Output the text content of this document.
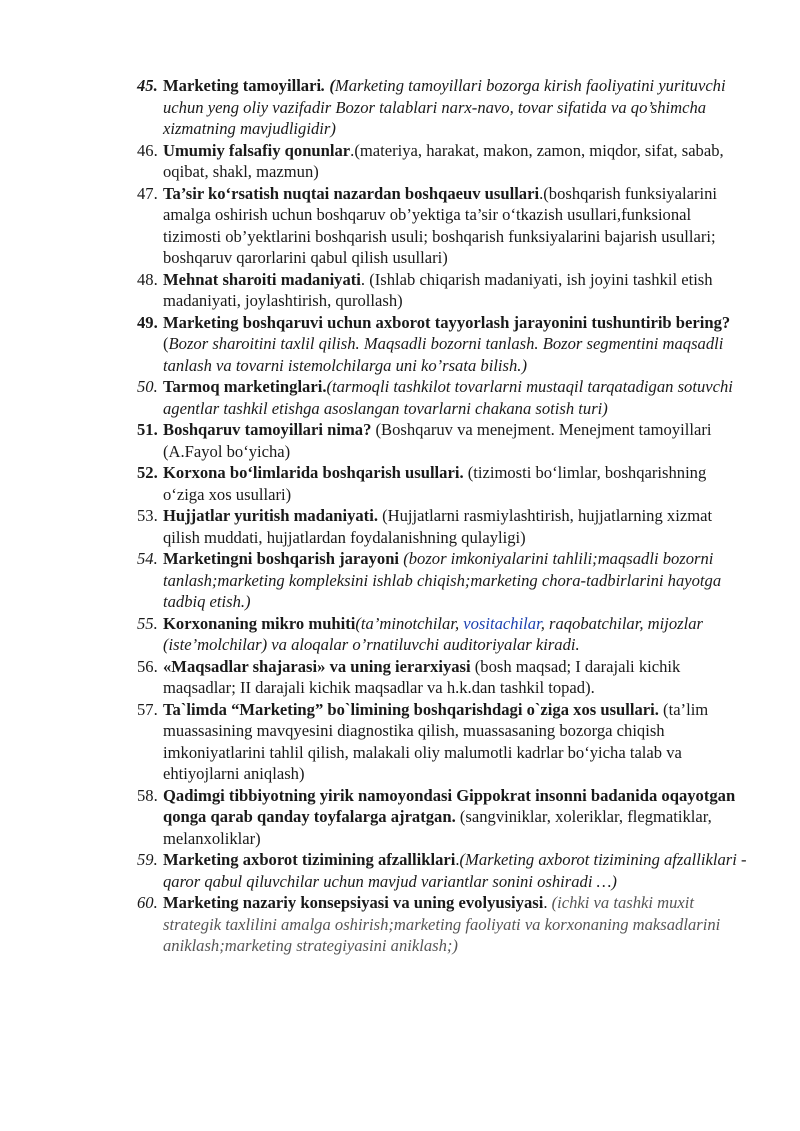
45. Marketing tamoyillari. (Marketing tamoyillari bozorga kirish faoliyatini yurituvchi uchun yeng oliy vazifadir Bozor talablari narx-navo, tovar sifatida va qo’shimcha xizmatning mavjudligidir)
46. Umumiy falsafiy qonunlar.(materiya, harakat, makon, zamon, miqdor, sifat, sabab, oqibat, shakl, mazmun)
47. Ta’sir ko‘rsatish nuqtai nazardan boshqaeuv usullari.(boshqarish funksiyalarini amalga oshirish uchun boshqaruv ob’yektiga ta’sir o‘tkazish usullari,funksional tizimosti ob’yektlarini boshqarish usuli; boshqarish funksiyalarini bajarish usullari; boshqaruv qarorlarini qabul qilish usullari)
48. Mehnat sharoiti madaniyati. (Ishlab chiqarish madaniyati, ish joyini tashkil etish madaniyati, joylashtirish, qurollash)
49. Marketing boshqaruvi uchun axborot tayyorlash jarayonini tushuntirib bering? (Bozor sharoitini taxlil qilish. Maqsadli bozorni tanlash. Bozor segmentini maqsadli tanlash va tovarni istemolchilarga uni ko’rsata bilish.)
50. Tarmoq marketinglari.(tarmoqli tashkilot tovarlarni mustaqil tarqatadigan sotuvchi agentlar tashkil etishga asoslangan tovarlarni chakana sotish turi)
51. Boshqaruv tamoyillari nima? (Boshqaruv va menejment. Menejment tamoyillari (A.Fayol bo‘yicha)
52. Korxona bo‘limlarida boshqarish usullari. (tizimosti bo‘limlar, boshqarishning o‘ziga xos usullari)
53. Hujjatlar yuritish madaniyati. (Hujjatlarni rasmiylashtirish, hujjatlarning xizmat qilish muddati, hujjatlardan foydalanishning qulayligi)
54. Marketingni boshqarish jarayoni (bozor imkoniyalarini tahlili;maqsadli bozorni tanlash;marketing kompleksini ishlab chiqish;marketing chora-tadbirlarini hayotga tadbiq etish.)
55. Korxonaning mikro muhiti(ta’minotchilar, vositachilar, raqobatchilar, mijozlar (iste’molchilar) va aloqalar o’rnatiluvchi auditoriyalar kiradi.
56. «Maqsadlar shajarasi» va uning ierarxiyasi (bosh maqsad; I darajali kichik maqsadlar; II darajali kichik maqsadlar va h.k.dan tashkil topad).
57. Ta`limda “Marketing” bo`limining boshqarishdagi o`ziga xos usullari. (ta’lim muassasining mavqyesini diagnostika qilish, muassasaning bozorga chiqish imkoniyatlarini tahlil qilish, malakali oliy malumotli kadrlar bo‘yicha talab va ehtiyojlarni aniqlash)
58. Qadimgi tibbiyotning yirik namoyondasi Gippokrat insonni badanida oqayotgan qonga qarab qanday toyfalarga ajratgan. (sangviniklar, xoleriklar, flegmatiklar, melanxoliklar)
59. Marketing axborot tizimining afzalliklari.(Marketing axborot tizimining afzalliklari -qaror qabul qiluvchilar uchun mavjud variantlar sonini oshiradi …)
60. Marketing nazariy konsepsiyasi va uning evolyusiyasi. (ichki va tashki muxit strategik taxlilini amalga oshirish;marketing faoliyati va korxonaning maksadlarini aniklash;marketing strategiyasini aniklash;)
